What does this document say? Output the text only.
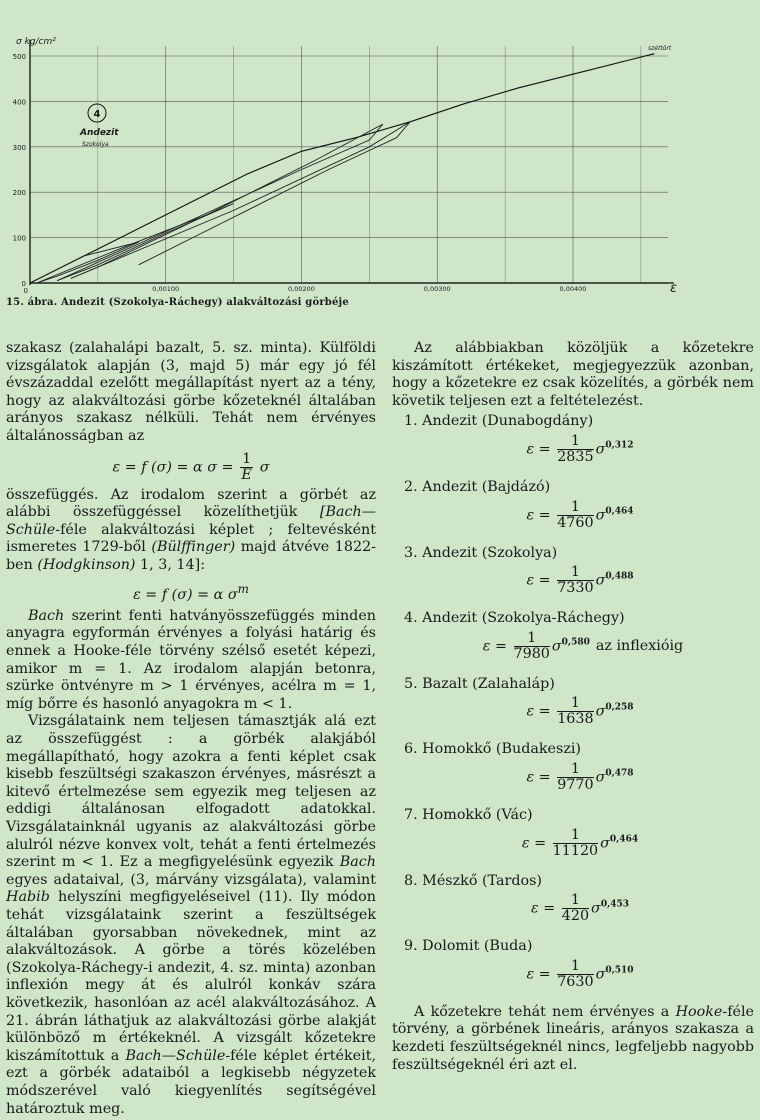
500
400
300
200
100
0
0,00100	0,00200	0,00300	0,00400
0
σ kg/cm²
ε
4
Andezit
Szokolya
széttört
15. ábra. Andezit (Szokolya-Ráchegy) alakváltozási görbéje

szakasz (zalahalápi bazalt, 5. sz. minta). Külföldi vizsgálatok alapján (3, majd 5) már egy jó fél évszázaddal ezelőtt megállapítást nyert az a tény, hogy az alakváltozási görbe kőzeteknél általában arányos szakasz nélküli. Tehát nem érvényes általánosságban az

ε = f (σ) = α $\sigma = \frac{1}{E}$ σ

összefüggés. Az irodalom szerint a görbét az alábbi összefüggéssel közelíthetjük [Bach—Schüle-féle alakváltozási képlet ; feltevésként ismeretes 1729-ből (Bülffinger) majd átvéve 1822-ben (Hodgkinson) 1, 3, 14]:

ε = f (σ) = α $\sigma^m$

Bach szerint fenti hatványösszefüggés minden anyagra egyformán érvényes a folyási határig és ennek a Hooke-féle törvény szélső esetét képezi, amikor m = 1. Az irodalom alapján betonra, szürke öntvényre m > 1 érvényes, acélra m = 1, míg bőrre és hasonló anyagokra m < 1.

Vizsgálataink nem teljesen támasztják alá ezt az összefüggést : a görbék alakjából megállapítható, hogy azokra a fenti képlet csak kisebb feszültségi szakaszon érvényes, másrészt a kitevő értelmezése sem egyezik meg teljesen az eddigi általánosan elfogadott adatokkal. Vizsgálatainknál ugyanis az alakváltozási görbe alulról nézve konvex volt, tehát a fenti értelmezés szerint m < 1. Ez a megfigyelésünk egyezik Bach egyes adataival, (3, márvány vizsgálata), valamint Habib helyszíni megfigyeléseivel (11). Ily módon tehát vizsgálataink szerint a feszültségek általában gyorsabban növekednek, mint az alakváltozások. A görbe a törés közelében (Szokolya-Ráchegy-i andezit, 4. sz. minta) azonban inflexión megy át és alulról konkáv szára következik, hasonlóan az acél alakváltozásához. A 21. ábrán láthatjuk az alakváltozási görbe alakját különböző m értékeknél. A vizsgált kőzetekre kiszámítottuk a Bach—Schüle-féle képlet értékeit, ezt a görbék adataiból a legkisebb négyzetek módszerével való kiegyenlítés segítségével határoztuk meg.

Az alábbiakban közöljük a kőzetekre kiszámított értékeket, megjegyezzük azonban, hogy a kőzetekre ez csak közelítés, a görbék nem követik teljesen ezt a feltételezést.

1. Andezit (Dunabogdány)

$\varepsilon = \frac{1}{2835} \sigma^{0,312}$

2. Andezit (Bajdázó)

$\varepsilon = \frac{1}{4760} \sigma^{0,464}$

3. Andezit (Szokolya)

$\varepsilon = \frac{1}{7330} \sigma^{0,488}$

4. Andezit (Szokolya-Ráchegy)

$\varepsilon = \frac{1}{7980} \sigma^{0,580}$ az inflexióig

5. Bazalt (Zalahaláp)

$\varepsilon = \frac{1}{1638} \sigma^{0,258}$

6. Homokkő (Budakeszi)

$\varepsilon = \frac{1}{9770} \sigma^{0,478}$

7. Homokkő (Vác)

$\varepsilon = \frac{1}{11120} \sigma^{0,464}$

8. Mészkő (Tardos)

$\varepsilon = \frac{1}{420} \sigma^{0,453}$

9. Dolomit (Buda)

$\varepsilon = \frac{1}{7630} \sigma^{0,510}$

A kőzetekre tehát nem érvényes a Hooke-féle törvény, a görbének lineáris, arányos szakasza a kezdeti feszültségeknél nincs, legfeljebb nagyobb feszültségeknél éri azt el.
